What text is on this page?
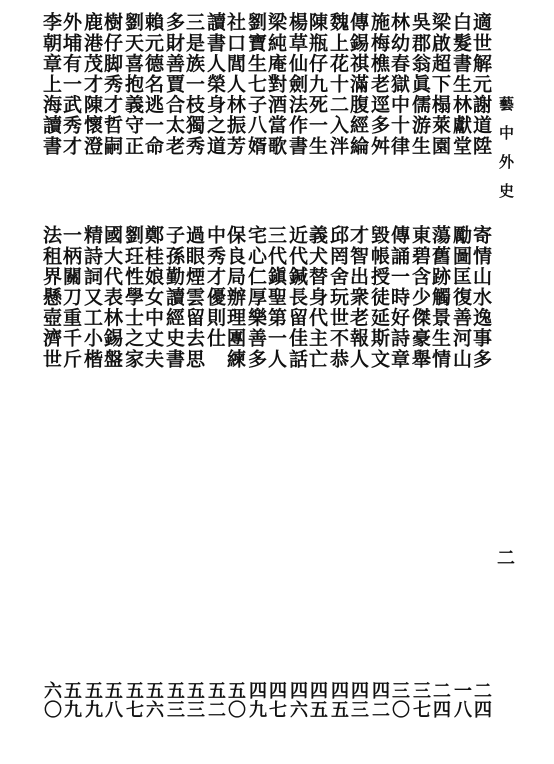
藝中外史
二
適世解元謝道陞
寄情山水逸事多
二四
白髮書生林獻堂
勵圖匡復善河山
一八
梁啟超下榻萊園
蕩舊跡觸景生情
二四
吳郡翁眞儒游生
東碧含少傑豪舉
三七
林幼春獄中十律
傳誦一時好詩章
三〇
施梅樵老逕多舛
毀帳授徒延斯文
四二
傳錫祺滿腹經綸
才智出衆老報人
四三
魏上花十二入泮
邱罔舍玩世不恭
四五
陳瓶仔九死一生
義犬替身代主亡
四五
楊草仙劍法作書
近代鍼長留佳話
四六
梁純庵對酒當歌
三代鎭聖第一人
四七
劉寶生七子八婿
宅心仁厚樂善多
四九
社口閭人林振芳
保良局辦理團練
五〇
讀書人榮身之道
中秀才優則仕
五二
三是族一枝獨秀
過眼煙雲留去思
五三
多財善賈合太老
子孫勤讀經史書
五三
賴元德名逃一命
鄭桂娘女中丈夫
五六
劉天喜抱義守正
劉玨性學士之家
五七
樹仔脚秀才哲嗣
國大代表林錫盤
五八
鹿港茂才陳懷澄
精詩詞又工小楷
五九
外埔有一武秀才
一柄關刀重千斤
五九
李朝章上海讀書
法租界懸壺濟世
六〇
